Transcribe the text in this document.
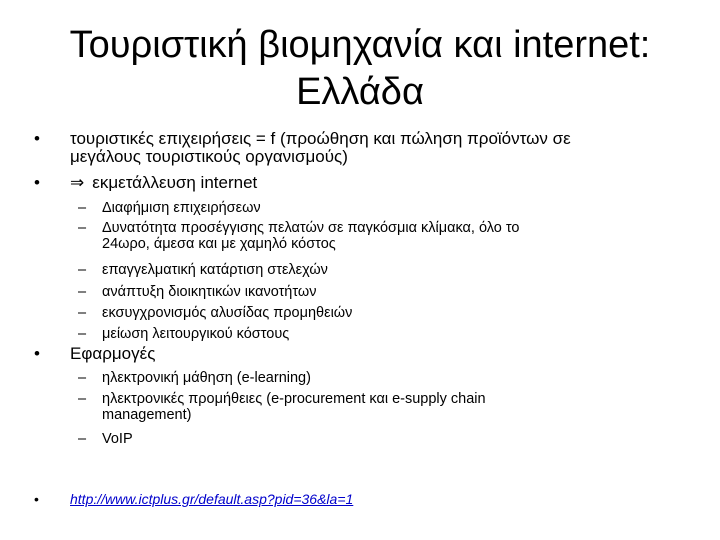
Τουριστική βιομηχανία και internet:
Ελλάδα
•	τουριστικές επιχειρήσεις = f (προώθηση και πώληση προϊόντων σε
μεγάλους τουριστικούς οργανισμούς)
•	⇒ εκμετάλλευση internet
– Διαφήμιση επιχειρήσεων
– Δυνατότητα προσέγγισης πελατών σε παγκόσμια κλίμακα, όλο το
24ωρο, άμεσα και με χαμηλό κόστος
– επαγγελματική κατάρτιση στελεχών
– ανάπτυξη διοικητικών ικανοτήτων
– εκσυγχρονισμός αλυσίδας προμηθειών
– μείωση λειτουργικού κόστους
•	Εφαρμογές
– ηλεκτρονική μάθηση (e-learning)
– ηλεκτρονικές προμήθειες (e-procurement και e-supply chain
management)
– VoIP
•	http://www.ictplus.gr/default.asp?pid=36&la=1
